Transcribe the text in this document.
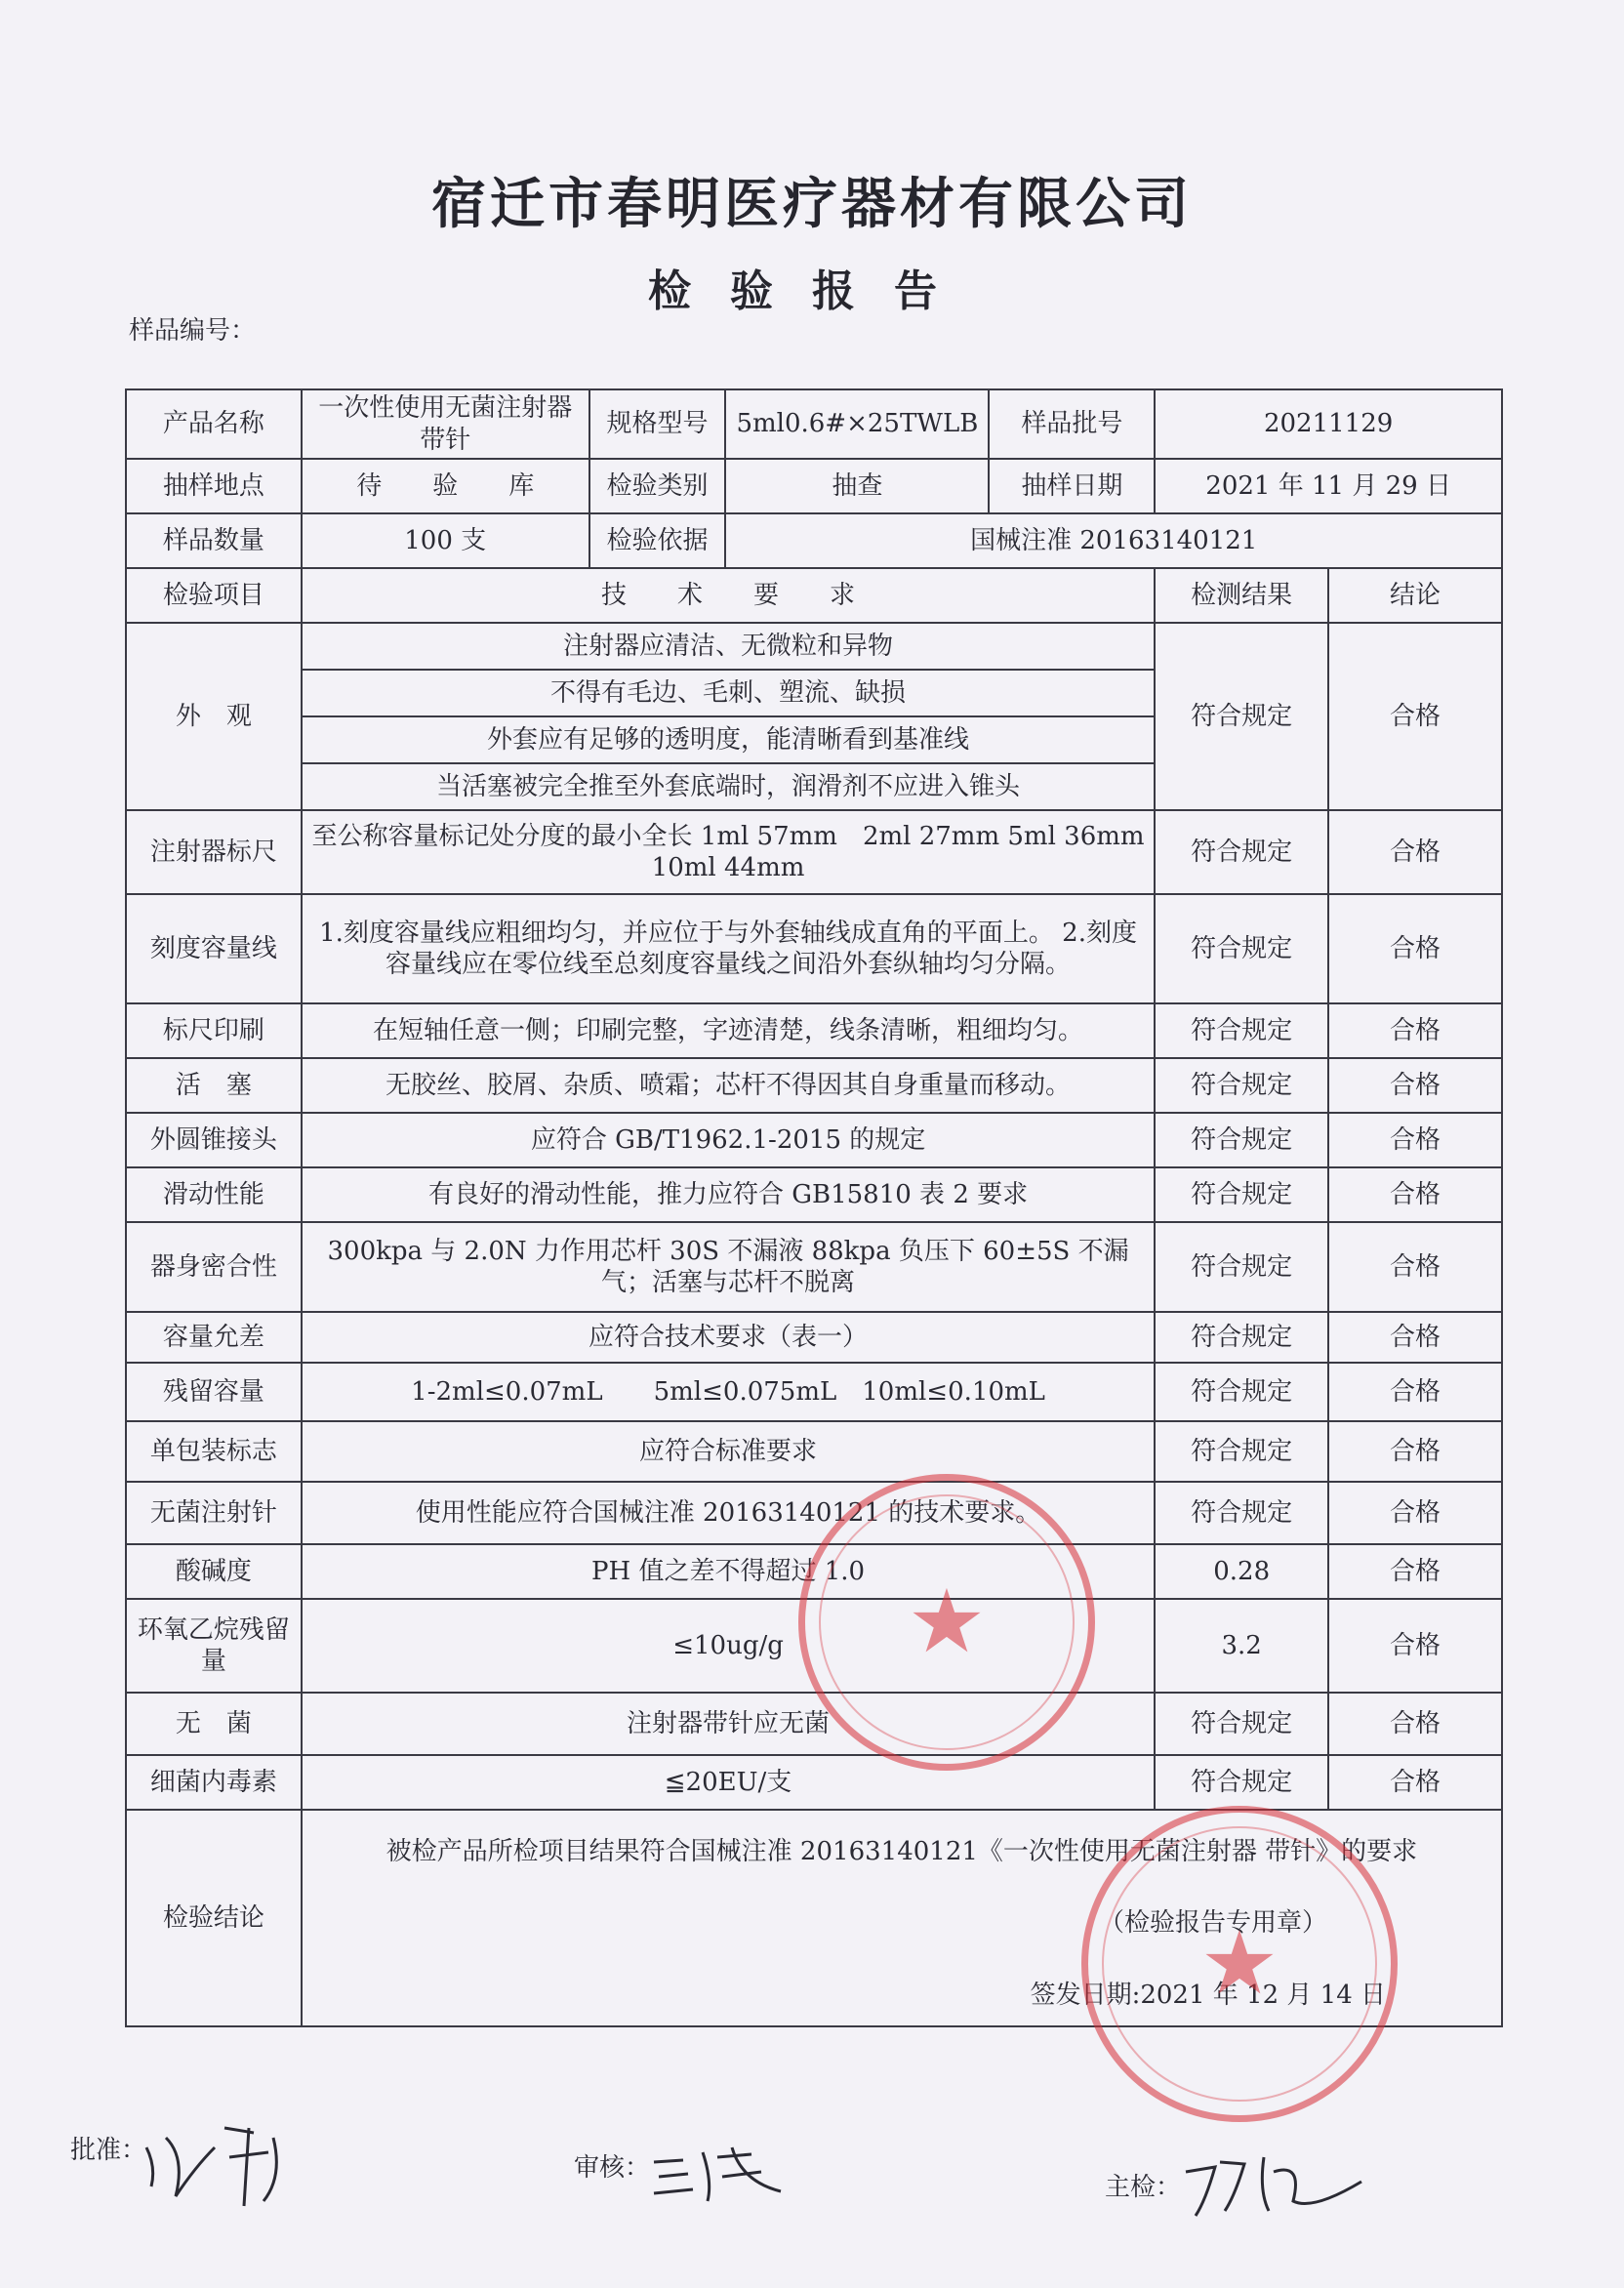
宿迁市春明医疗器材有限公司
检验报告
样品编号：
产品名称	一次性使用无菌注射器　带针	规格型号	5ml0.6#×25TWLB	样品批号	20211129	
抽样地点	待　　验　　库	检验类别	抽查	抽样日期	2021 年 11 月 29 日	
样品数量	100 支	检验依据	国械注准 20163140121			
检验项目	技　　术　　要　　求				检测结果	结论
外　观	注射器应清洁、无微粒和异物				符合规定	合格
	不得有毛边、毛刺、塑流、缺损					
	外套应有足够的透明度，能清晰看到基准线					
	当活塞被完全推至外套底端时，润滑剂不应进入锥头					
注射器标尺	至公称容量标记处分度的最小全长 1ml 57mm　2ml 27mm 5ml 36mm 10ml 44mm				符合规定	合格
刻度容量线	1.刻度容量线应粗细均匀，并应位于与外套轴线成直角的平面上。 2.刻度容量线应在零位线至总刻度容量线之间沿外套纵轴均匀分隔。				符合规定	合格
标尺印刷	在短轴任意一侧；印刷完整，字迹清楚，线条清晰，粗细均匀。				符合规定	合格
活　塞	无胶丝、胶屑、杂质、喷霜；芯杆不得因其自身重量而移动。				符合规定	合格
外圆锥接头	应符合 GB/T1962.1-2015 的规定				符合规定	合格
滑动性能	有良好的滑动性能，推力应符合 GB15810 表 2 要求				符合规定	合格
器身密合性	300kpa 与 2.0N 力作用芯杆 30S 不漏液 88kpa 负压下 60±5S 不漏气；活塞与芯杆不脱离				符合规定	合格
容量允差	应符合技术要求（表一）				符合规定	合格
残留容量	1-2ml≤0.07mL　　5ml≤0.075mL　10ml≤0.10mL				符合规定	合格
单包装标志	应符合标准要求				符合规定	合格
无菌注射针	使用性能应符合国械注准 20163140121 的技术要求。				符合规定	合格
酸碱度	PH 值之差不得超过 1.0				0.28	合格
环氧乙烷残留量	≤10ug/g				3.2	合格
无　菌	注射器带针应无菌				符合规定	合格
细菌内毒素	≦20EU/支				符合规定	合格
检验结论	被检产品所检项目结果符合国械注准 20163140121《一次性使用无菌注射器 带针》的要求
（检验报告专用章）
签发日期:2021 年 12 月 14 日					
★
★
批准：
审核：
主检：
